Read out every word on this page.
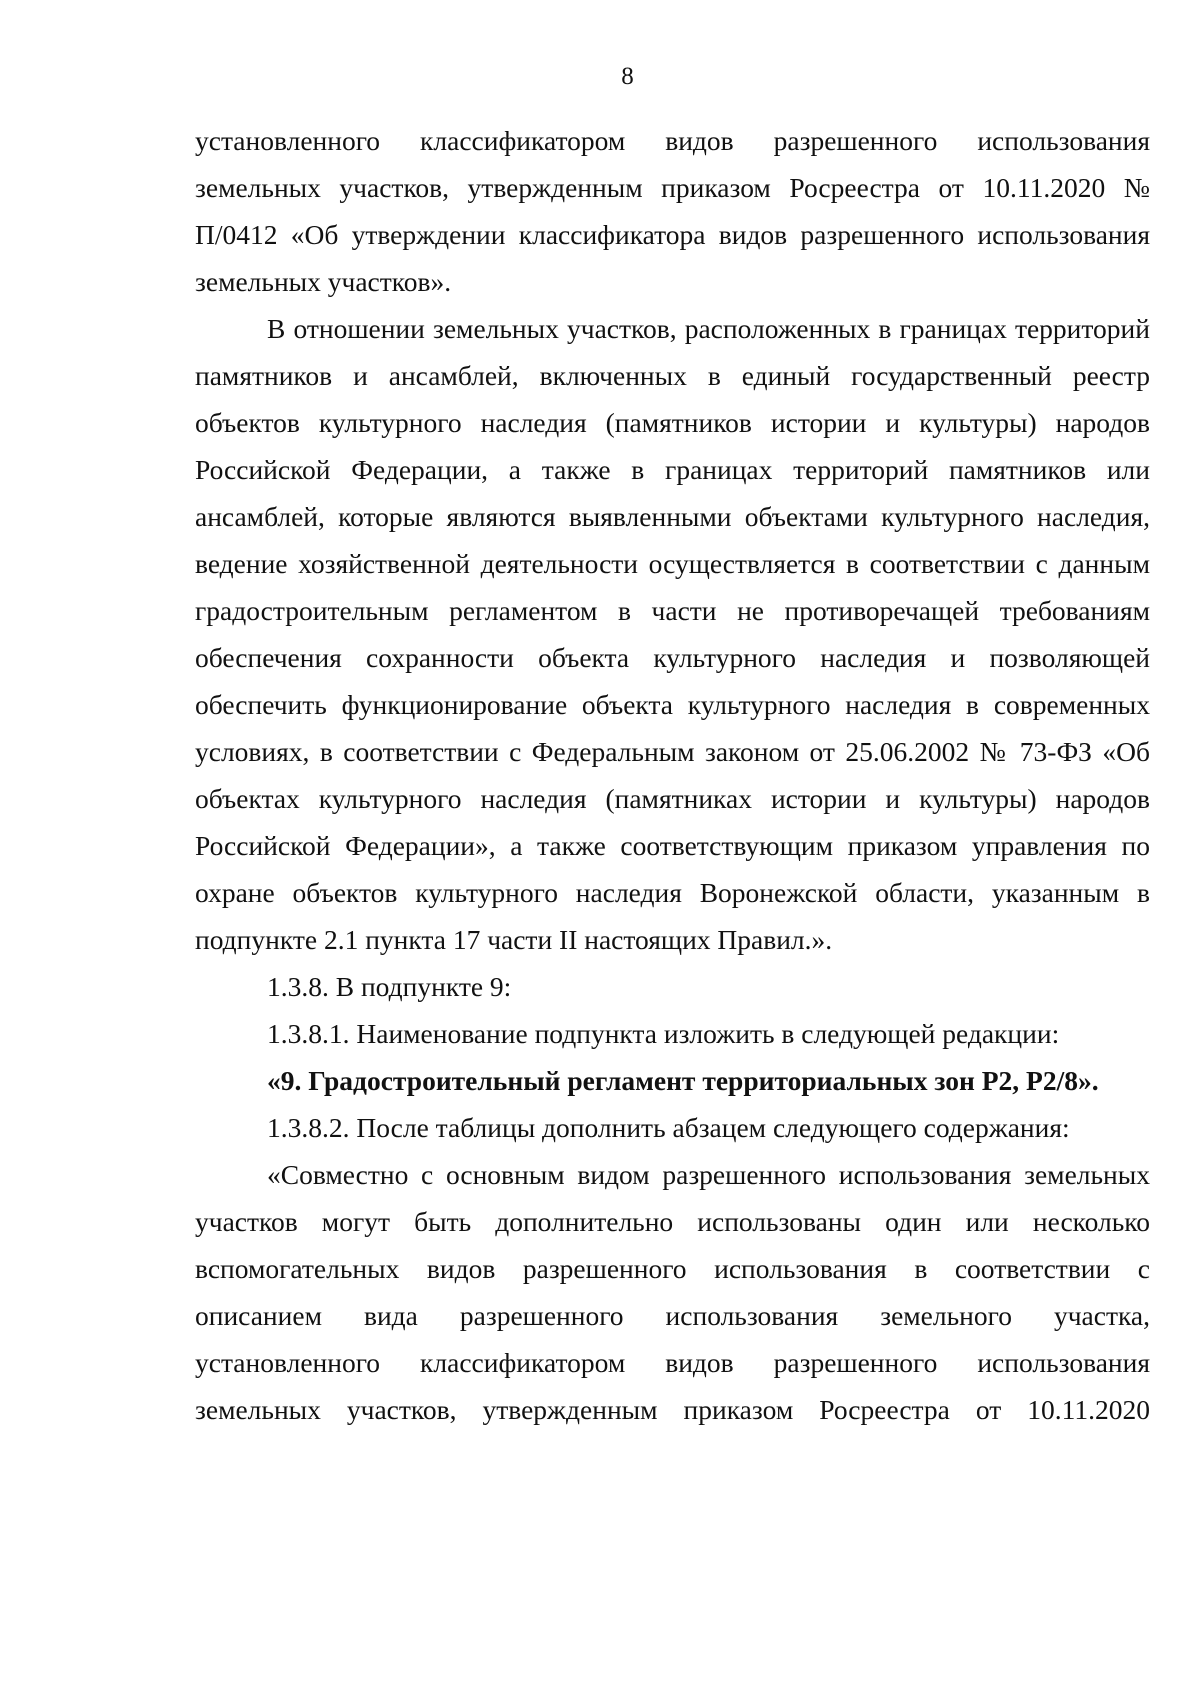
8

установленного классификатором видов разрешенного использования земельных участков, утвержденным приказом Росреестра от 10.11.2020 № П/0412 «Об утверждении классификатора видов разрешенного использования земельных участков».

В отношении земельных участков, расположенных в границах территорий памятников и ансамблей, включенных в единый государственный реестр объектов культурного наследия (памятников истории и культуры) народов Российской Федерации, а также в границах территорий памятников или ансамблей, которые являются выявленными объектами культурного наследия, ведение хозяйственной деятельности осуществляется в соответствии с данным градостроительным регламентом в части не противоречащей требованиям обеспечения сохранности объекта культурного наследия и позволяющей обеспечить функционирование объекта культурного наследия в современных условиях, в соответствии с Федеральным законом от 25.06.2002 № 73-ФЗ «Об объектах культурного наследия (памятниках истории и культуры) народов Российской Федерации», а также соответствующим приказом управления по охране объектов культурного наследия Воронежской области, указанным в подпункте 2.1 пункта 17 части II настоящих Правил.».

1.3.8. В подпункте 9:

1.3.8.1. Наименование подпункта изложить в следующей редакции:

«9. Градостроительный регламент территориальных зон Р2, Р2/8».

1.3.8.2. После таблицы дополнить абзацем следующего содержания:

«Совместно с основным видом разрешенного использования земельных участков могут быть дополнительно использованы один или несколько вспомогательных видов разрешенного использования в соответствии с описанием вида разрешенного использования земельного участка, установленного классификатором видов разрешенного использования земельных участков, утвержденным приказом Росреестра от 10.11.2020
